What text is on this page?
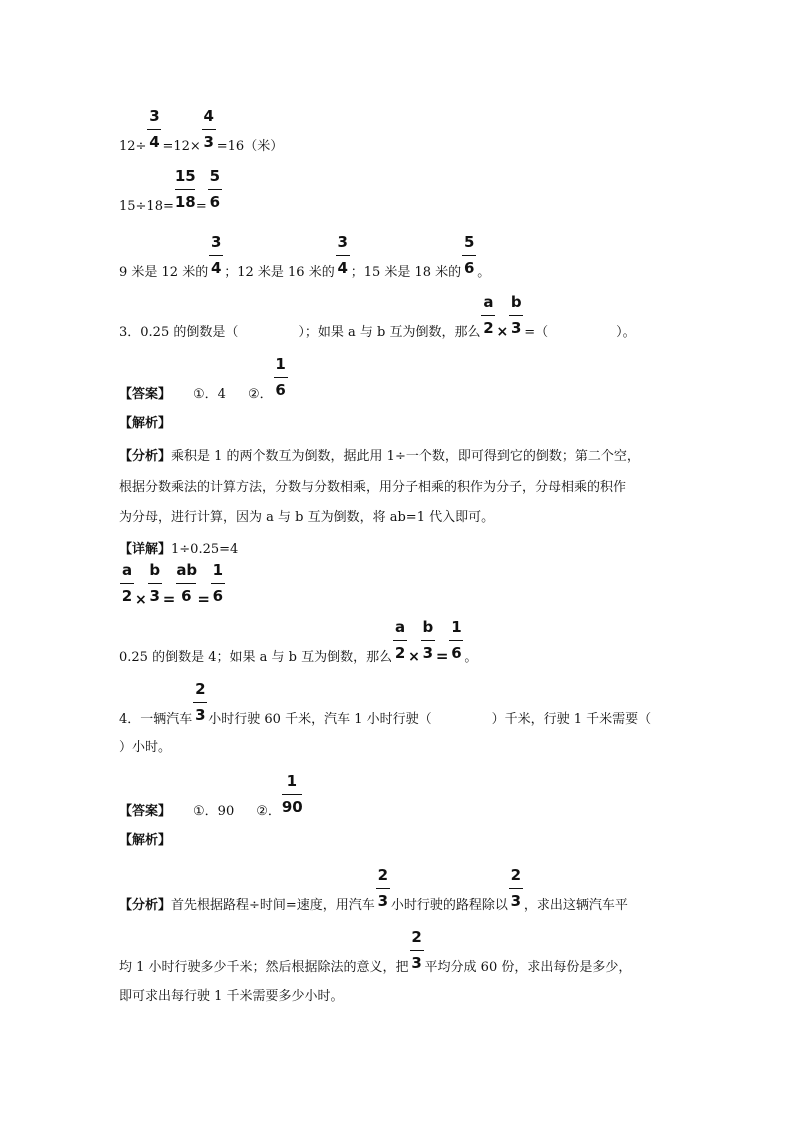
$12\div \frac{3}{4} =12\times \frac{4}{3} =16$（米）
$15\div 18= \frac{15}{18} = \frac{5}{6}$
9 米是 12 米的 $\frac{3}{4}$ ；12 米是 16 米的 $\frac{3}{4}$ ；15 米是 18 米的 $\frac{5}{6}$ 。
3．0.25 的倒数是（	）；如果 a 与 b 互为倒数，那么 $\frac{a}{2} \times \frac{b}{3}$ =（	）。
【答案】 ①．4 ②． $\frac{1}{6}$
【解析】
【分析】乘积是 1 的两个数互为倒数，据此用 1÷一个数，即可得到它的倒数；第二个空，
根据分数乘法的计算方法，分数与分数相乘，用分子相乘的积作为分子，分母相乘的积作
为分母，进行计算，因为 a 与 b 互为倒数，将 ab=1 代入即可。
【详解】1÷0.25=4
$\frac{a}{2} \times \frac{b}{3} = \frac{ab}{6} = \frac{1}{6}$
0.25 的倒数是 4；如果 a 与 b 互为倒数，那么 $\frac{a}{2} \times \frac{b}{3} = \frac{1}{6}$ 。
4．一辆汽车 $\frac{2}{3}$ 小时行驶 60 千米，汽车 1 小时行驶（	）千米，行驶 1 千米需要（
）小时。
【答案】 ①．90 ②． $\frac{1}{90}$
【解析】
【分析】首先根据路程÷时间=速度，用汽车 $\frac{2}{3}$ 小时行驶的路程除以 $\frac{2}{3}$ ，求出这辆汽车平
均 1 小时行驶多少千米；然后根据除法的意义，把 $\frac{2}{3}$ 平均分成 60 份，求出每份是多少，
即可求出每行驶 1 千米需要多少小时。
